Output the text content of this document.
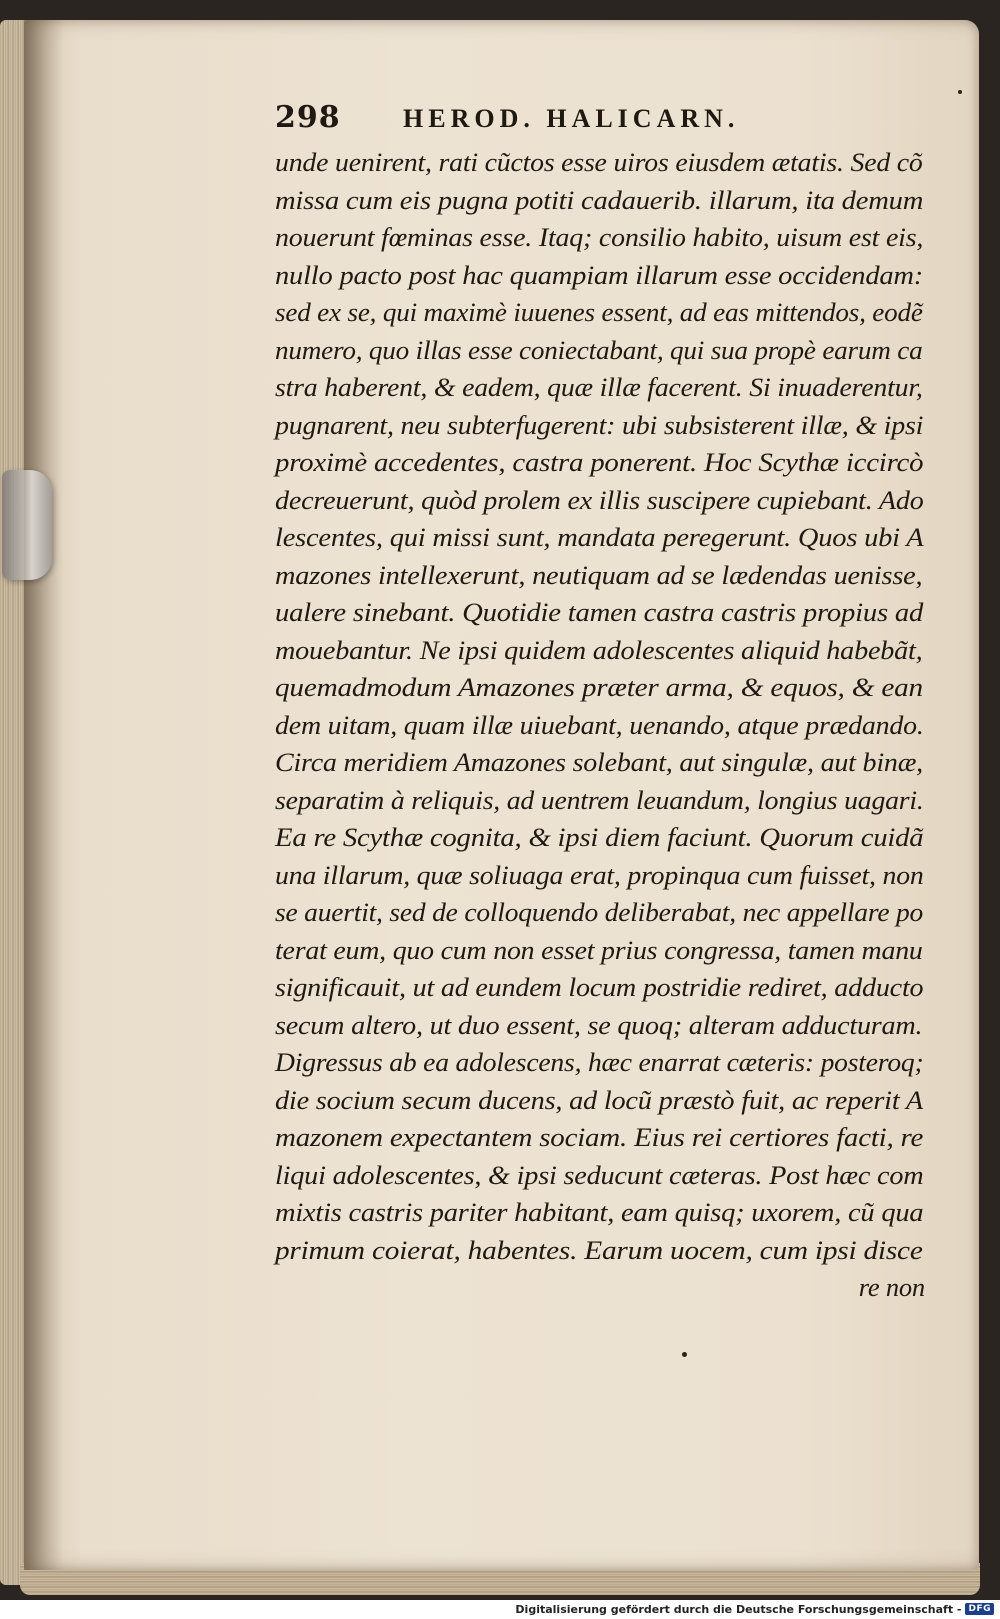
298 HEROD. HALICARN.
unde uenirent, rati cũctos esse uiros eiusdem ætatis. Sed cõ
missa cum eis pugna potiti cadauerib. illarum, ita demum
nouerunt fœminas esse. Itaq; consilio habito, uisum est eis,
nullo pacto post hac quampiam illarum esse occidendam:
sed ex se, qui maximè iuuenes essent, ad eas mittendos, eodẽ
numero, quo illas esse coniectabant, qui sua propè earum ca
stra haberent, & eadem, quæ illæ facerent. Si inuaderentur,
pugnarent, neu subterfugerent: ubi subsisterent illæ, & ipsi
proximè accedentes, castra ponerent. Hoc Scythæ iccircò
decreuerunt, quòd prolem ex illis suscipere cupiebant. Ado
lescentes, qui missi sunt, mandata peregerunt. Quos ubi A
mazones intellexerunt, neutiquam ad se lædendas uenisse,
ualere sinebant. Quotidie tamen castra castris propius ad
mouebantur. Ne ipsi quidem adolescentes aliquid habebãt,
quemadmodum Amazones præter arma, & equos, & ean
dem uitam, quam illæ uiuebant, uenando, atque prædando.
Circa meridiem Amazones solebant, aut singulæ, aut binæ,
separatim à reliquis, ad uentrem leuandum, longius uagari.
Ea re Scythæ cognita, & ipsi diem faciunt. Quorum cuidã
una illarum, quæ soliuaga erat, propinqua cum fuisset, non
se auertit, sed de colloquendo deliberabat, nec appellare po
terat eum, quo cum non esset prius congressa, tamen manu
significauit, ut ad eundem locum postridie rediret, adducto
secum altero, ut duo essent, se quoq; alteram adducturam.
Digressus ab ea adolescens, hæc enarrat cæteris: posteroq;
die socium secum ducens, ad locũ præstò fuit, ac reperit A
mazonem expectantem sociam. Eius rei certiores facti, re
liqui adolescentes, & ipsi seducunt cæteras. Post hæc com
mixtis castris pariter habitant, eam quisq; uxorem, cũ qua
primum coierat, habentes. Earum uocem, cum ipsi disce
re non
Digitalisierung gefördert durch die Deutsche Forschungsgemeinschaft - DFG
